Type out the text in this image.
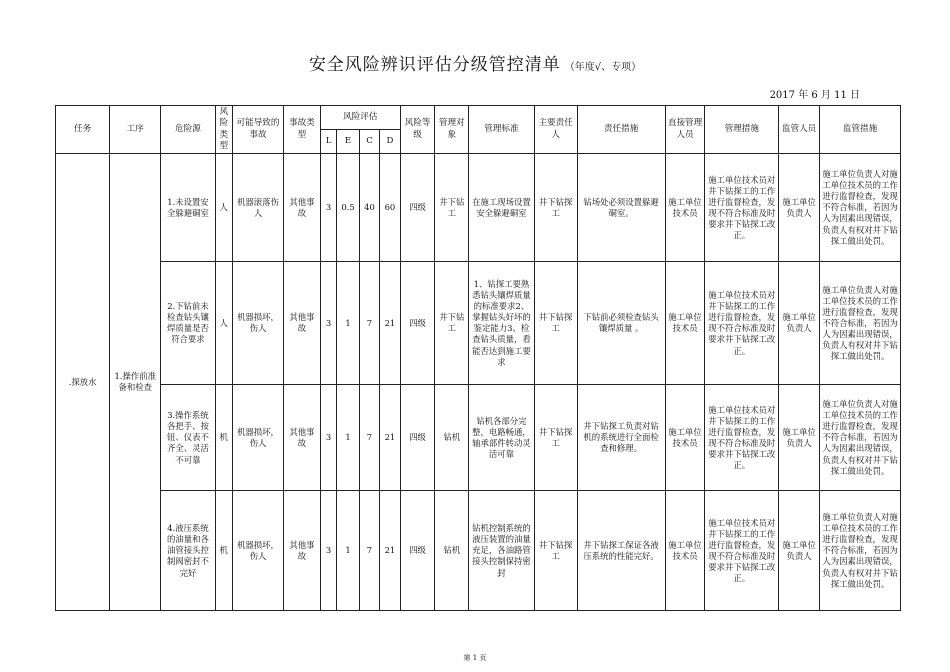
安全风险辨识评估分级管控清单 （年度√、专项）
2017 年 6 月 11 日
任务	工序	危险源	风险类型	可能导致的事故	事故类型	风险评估				风险等级	管理对象	管理标准	主要责任人	责任措施	直接管理人员	管理措施	监管人员	监管措施
						L	E	C	D									
.探放水	1.操作前准备和检查	1.未设置安全躲避硐室	人	机器滚落伤人	其他事故	3	0.5	40	60	四级	井下钻工	在施工现场设置安全躲避硐室	井下钻探工	钻场处必须设置躲避硐室。	施工单位技术员	施工单位技术员对井下钻探工的工作进行监督检查，发现不符合标准及时要求井下钻探工改正。	施工单位负责人	施工单位负责人对施工单位技术员的工作进行监督检查，发现不符合标准，若因为人为因素出现错误，负责人有权对井下钻探工做出处罚。
		2.下钻前未检查钻头镶焊质量是否符合要求	人	机器损坏，伤人	其他事故	3	1	7	21	四级	井下钻工	1、钻探工要熟悉钻头镶焊质量的标准要求2、掌握钻头好坏的鉴定能力3、检查钻头质量，看能否达到施工要求	井下钻探工	下钻前必须检查钻头镶焊质量 。	施工单位技术员	施工单位技术员对井下钻探工的工作进行监督检查，发现不符合标准及时要求井下钻探工改正。	施工单位负责人	施工单位负责人对施工单位技术员的工作进行监督检查，发现不符合标准，若因为人为因素出现错误，负责人有权对井下钻探工做出处罚。
		3.操作系统各把手、按钮、仪表不齐全、灵活不可靠	机	机器损坏，伤人	其他事故	3	1	7	21	四级	钻机	钻机各部分完整，电路畅通，轴承部件转动灵活可靠	井下钻探工	井下钻探工负责对钻机的系统进行全面检查和修理。	施工单位技术员	施工单位技术员对井下钻探工的工作进行监督检查，发现不符合标准及时要求井下钻探工改正。	施工单位负责人	施工单位负责人对施工单位技术员的工作进行监督检查，发现不符合标准，若因为人为因素出现错误，负责人有权对井下钻探工做出处罚。
		4.液压系统的油量和各油管接头控制阀密封不完好	机	机器损坏，伤人	其他事故	3	1	7	21	四级	钻机	钻机控制系统的液压装置的油量充足，各油路管接头控制保持密封	井下钻探工	井下钻探工保证各液压系统的性能完好。	施工单位技术员	施工单位技术员对井下钻探工的工作进行监督检查，发现不符合标准及时要求井下钻探工改正。	施工单位负责人	施工单位负责人对施工单位技术员的工作进行监督检查，发现不符合标准，若因为人为因素出现错误，负责人有权对井下钻探工做出处罚。
第 1 页
